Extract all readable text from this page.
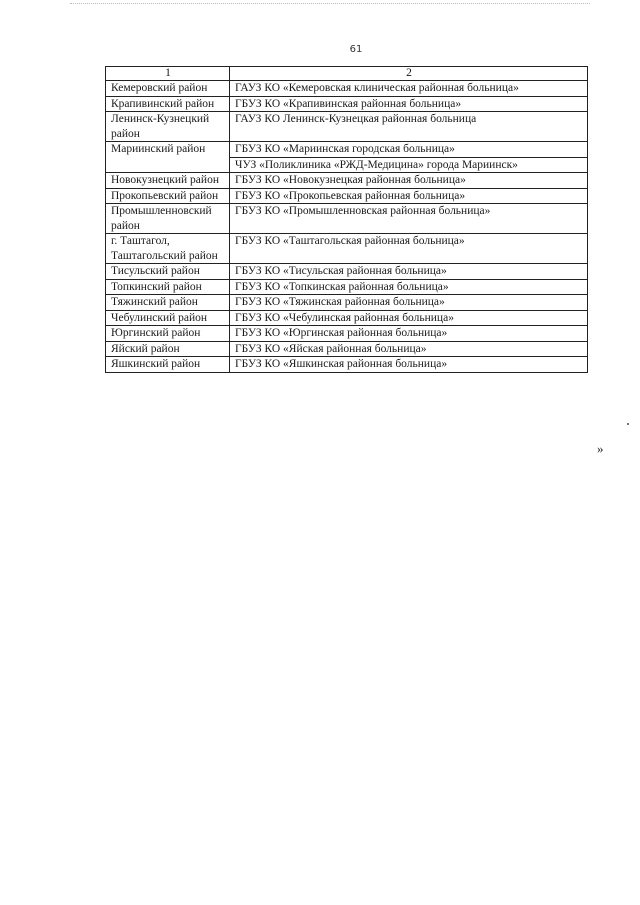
61
1	2
Кемеровский район	ГАУЗ КО «Кемеровская клиническая районная больница»
Крапивинский район	ГБУЗ КО «Крапивинская районная больница»
Ленинск-Кузнецкий район	ГАУЗ КО Ленинск-Кузнецкая районная больница
Мариинский район	ГБУЗ КО «Мариинская городская больница»
	ЧУЗ «Поликлиника «РЖД-Медицина» города Мариинск»
Новокузнецкий район	ГБУЗ КО «Новокузнецкая районная больница»
Прокопьевский район	ГБУЗ КО «Прокопьевская районная больница»
Промышленновский район	ГБУЗ КО «Промышленновская районная больница»
г. Таштагол, Таштагольский район	ГБУЗ КО «Таштагольская районная больница»
Тисульский район	ГБУЗ КО «Тисульская районная больница»
Топкинский район	ГБУЗ КО «Топкинская районная больница»
Тяжинский район	ГБУЗ КО «Тяжинская районная больница»
Чебулинский район	ГБУЗ КО «Чебулинская районная больница»
Юргинский район	ГБУЗ КО «Юргинская районная больница»
Яйский район	ГБУЗ КО «Яйская районная больница»
Яшкинский район	ГБУЗ КО «Яшкинская районная больница»
»
